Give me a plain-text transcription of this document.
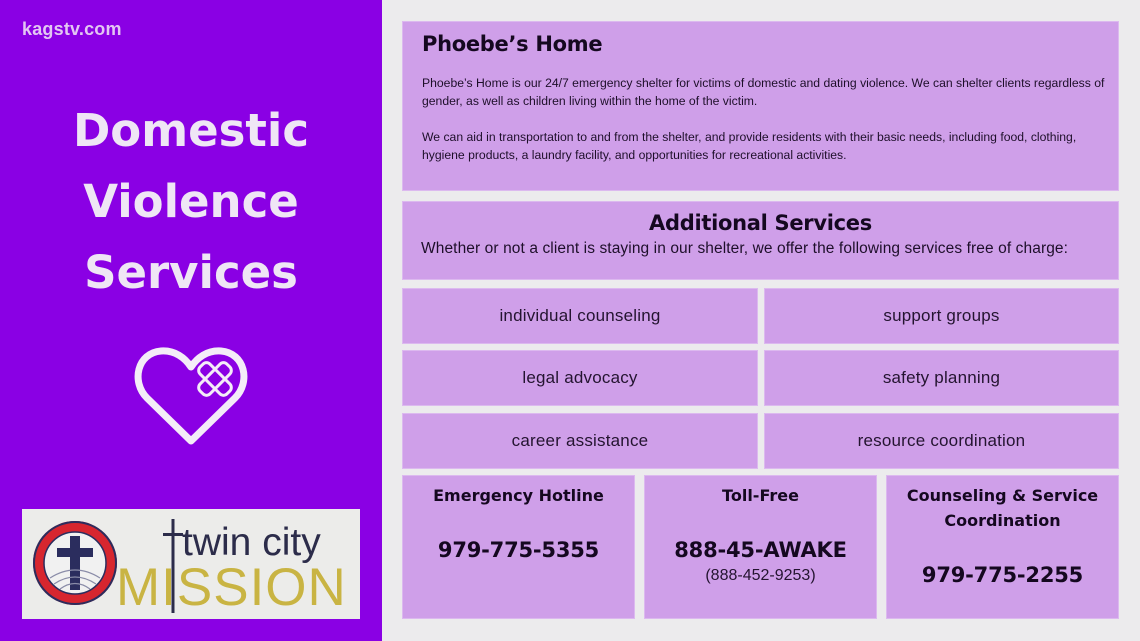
kagstv.com
Domestic
Violence
Services
twin city
MISSION
Phoebe’s Home

Phoebe’s Home is our 24/7 emergency shelter for victims of domestic and dating violence. We can shelter clients regardless of gender, as well as children living within the home of the victim.

We can aid in transportation to and from the shelter, and provide residents with their basic needs, including food, clothing, hygiene products, a laundry facility, and opportunities for recreational activities.

Additional Services
Whether or not a client is staying in our shelter, we offer the following services free of charge:
individual counseling	support groups
legal advocacy	safety planning
career assistance	resource coordination
Emergency Hotline
979-775-5355
Toll-Free
888-45-AWAKE
(888-452-9253)
Counseling & Service Coordination
979-775-2255
